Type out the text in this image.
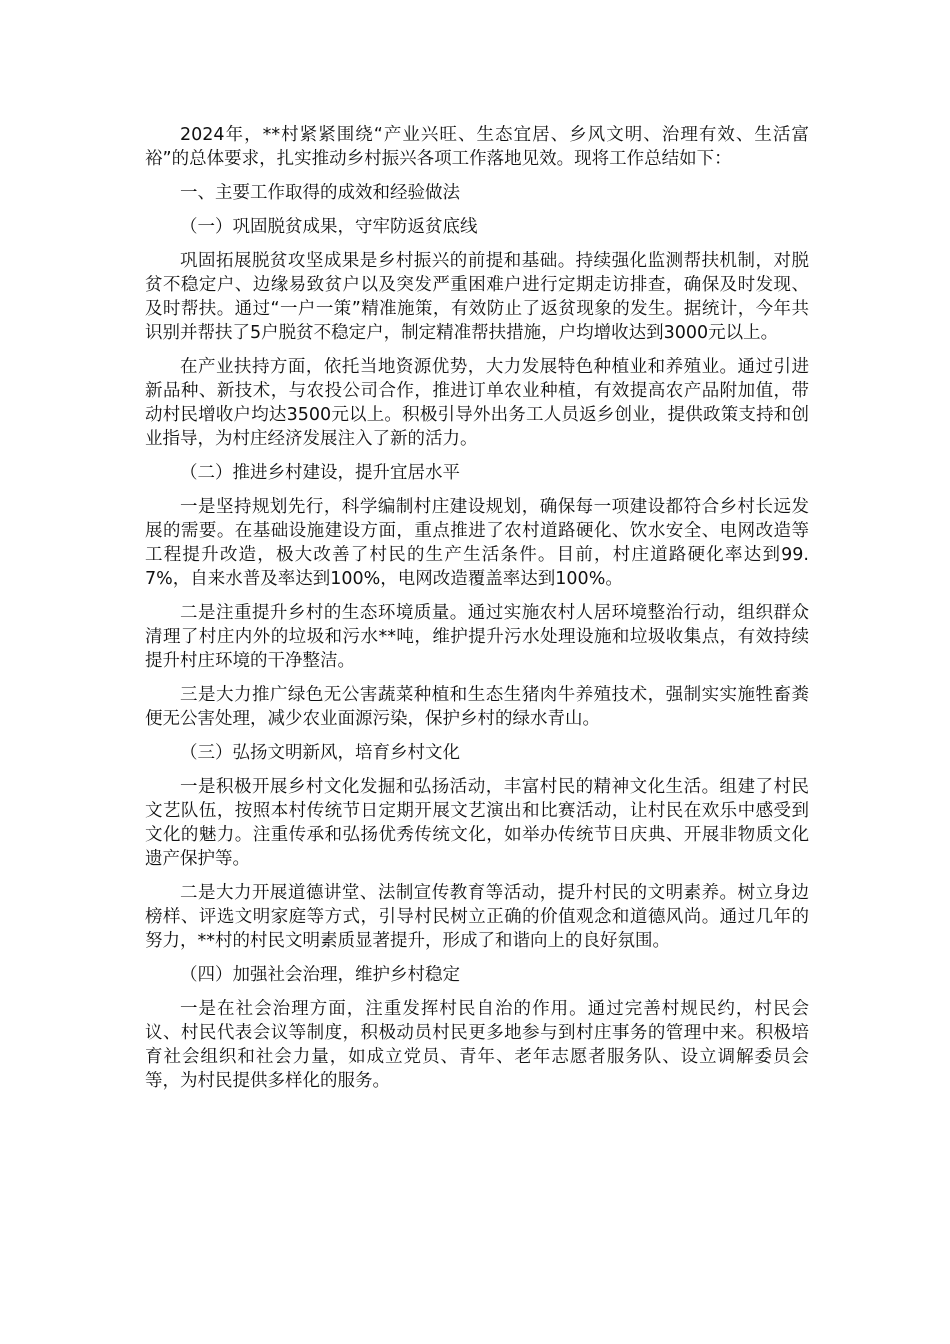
2024年，**村紧紧围绕“产业兴旺、生态宜居、乡风文明、治理有效、生活富裕”的总体要求，扎实推动乡村振兴各项工作落地见效。现将工作总结如下：

一、主要工作取得的成效和经验做法

（一）巩固脱贫成果，守牢防返贫底线

巩固拓展脱贫攻坚成果是乡村振兴的前提和基础。持续强化监测帮扶机制，对脱贫不稳定户、边缘易致贫户以及突发严重困难户进行定期走访排查，确保及时发现、及时帮扶。通过“一户一策”精准施策，有效防止了返贫现象的发生。据统计，今年共识别并帮扶了5户脱贫不稳定户，制定精准帮扶措施，户均增收达到3000元以上。

在产业扶持方面，依托当地资源优势，大力发展特色种植业和养殖业。通过引进新品种、新技术，与农投公司合作，推进订单农业种植，有效提高农产品附加值，带动村民增收户均达3500元以上。积极引导外出务工人员返乡创业，提供政策支持和创业指导，为村庄经济发展注入了新的活力。

（二）推进乡村建设，提升宜居水平

一是坚持规划先行，科学编制村庄建设规划，确保每一项建设都符合乡村长远发展的需要。在基础设施建设方面，重点推进了农村道路硬化、饮水安全、电网改造等工程提升改造，极大改善了村民的生产生活条件。目前，村庄道路硬化率达到99.7%，自来水普及率达到100%，电网改造覆盖率达到100%。

二是注重提升乡村的生态环境质量。通过实施农村人居环境整治行动，组织群众清理了村庄内外的垃圾和污水**吨，维护提升污水处理设施和垃圾收集点，有效持续提升村庄环境的干净整洁。

三是大力推广绿色无公害蔬菜种植和生态生猪肉牛养殖技术，强制实实施牲畜粪便无公害处理，减少农业面源污染，保护乡村的绿水青山。

（三）弘扬文明新风，培育乡村文化

一是积极开展乡村文化发掘和弘扬活动，丰富村民的精神文化生活。组建了村民文艺队伍，按照本村传统节日定期开展文艺演出和比赛活动，让村民在欢乐中感受到文化的魅力。注重传承和弘扬优秀传统文化，如举办传统节日庆典、开展非物质文化遗产保护等。

二是大力开展道德讲堂、法制宣传教育等活动，提升村民的文明素养。树立身边榜样、评选文明家庭等方式，引导村民树立正确的价值观念和道德风尚。通过几年的努力，**村的村民文明素质显著提升，形成了和谐向上的良好氛围。

（四）加强社会治理，维护乡村稳定

一是在社会治理方面，注重发挥村民自治的作用。通过完善村规民约，村民会议、村民代表会议等制度，积极动员村民更多地参与到村庄事务的管理中来。积极培育社会组织和社会力量，如成立党员、青年、老年志愿者服务队、设立调解委员会等，为村民提供多样化的服务。
